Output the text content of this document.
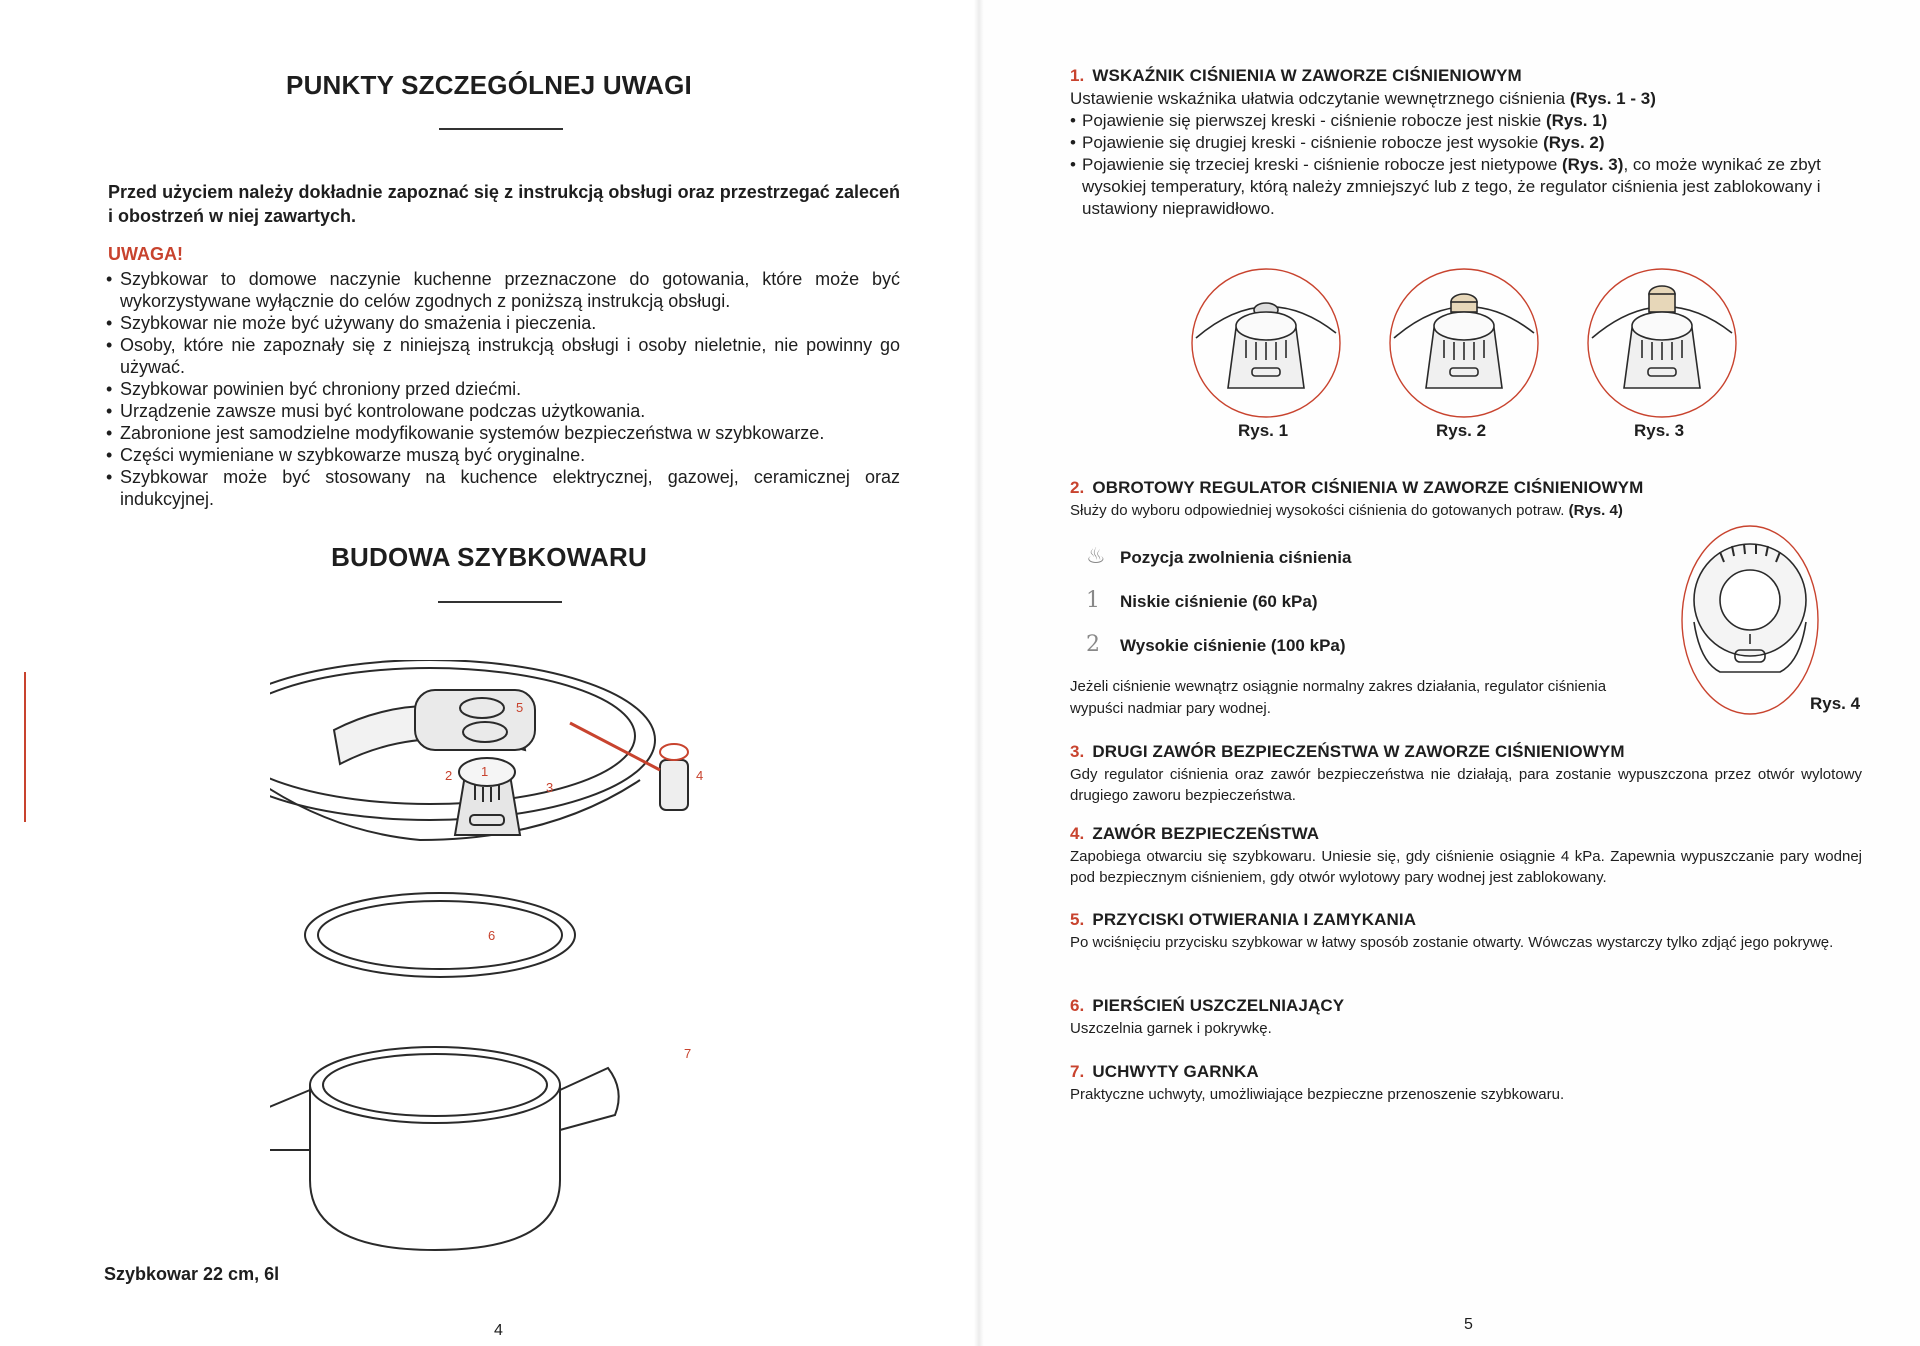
PUNKTY SZCZEGÓLNEJ UWAGI
Przed użyciem należy dokładnie zapoznać się z instrukcją obsługi oraz przestrzegać zaleceń i obostrzeń w niej zawartych.
UWAGA!
• Szybkowar to domowe naczynie kuchenne przeznaczone do gotowania, które może być wykorzystywane wyłącznie do celów zgodnych z poniższą instrukcją obsługi.
• Szybkowar nie może być używany do smażenia i pieczenia.
• Osoby, które nie zapoznały się z niniejszą instrukcją obsługi i osoby nieletnie, nie powinny go używać.
• Szybkowar powinien być chroniony przed dziećmi.
• Urządzenie zawsze musi być kontrolowane podczas użytkowania.
• Zabronione jest samodzielne modyfikowanie systemów bezpieczeństwa w szybkowarze.
• Części wymieniane w szybkowarze muszą być oryginalne.
• Szybkowar może być stosowany na kuchence elektrycznej, gazowej, ceramicznej oraz indukcyjnej.
BUDOWA SZYBKOWARU
5
1
2
3
4
6
7
Szybkowar 22 cm, 6l
4
1. WSKAŹNIK CIŚNIENIA W ZAWORZE CIŚNIENIOWYM

Ustawienie wskaźnika ułatwia odczytanie wewnętrznego ciśnienia (Rys. 1 - 3)

• Pojawienie się pierwszej kreski - ciśnienie robocze jest niskie (Rys. 1)
• Pojawienie się drugiej kreski - ciśnienie robocze jest wysokie (Rys. 2)
• Pojawienie się trzeciej kreski - ciśnienie robocze jest nietypowe (Rys. 3), co może wynikać ze zbyt wysokiej temperatury, którą należy zmniejszyć lub z tego, że regulator ciśnienia jest zablokowany i ustawiony nieprawidłowo.
Rys. 1	Rys. 2	Rys. 3
2. OBROTOWY REGULATOR CIŚNIENIA W ZAWORZE CIŚNIENIOWYM

Służy do wyboru odpowiedniej wysokości ciśnienia do gotowanych potraw. (Rys. 4)

♨ Pozycja zwolnienia ciśnienia
1 Niskie ciśnienie (60 kPa)
2 Wysokie ciśnienie (100 kPa)
Jeżeli ciśnienie wewnątrz osiągnie normalny zakres działania, regulator ciśnienia wypuści nadmiar pary wodnej.	Rys. 4
3. DRUGI ZAWÓR BEZPIECZEŃSTWA W ZAWORZE CIŚNIENIOWYM

Gdy regulator ciśnienia oraz zawór bezpieczeństwa nie działają, para zostanie wypuszczona przez otwór wylotowy drugiego zaworu bezpieczeństwa.

4. ZAWÓR BEZPIECZEŃSTWA

Zapobiega otwarciu się szybkowaru. Uniesie się, gdy ciśnienie osiągnie 4 kPa. Zapewnia wypuszczanie pary wodnej pod bezpiecznym ciśnieniem, gdy otwór wylotowy pary wodnej jest zablokowany.

5. PRZYCISKI OTWIERANIA I ZAMYKANIA

Po wciśnięciu przycisku szybkowar w łatwy sposób zostanie otwarty. Wówczas wystarczy tylko zdjąć jego pokrywę.

6. PIERŚCIEŃ USZCZELNIAJĄCY

Uszczelnia garnek i pokrywkę.

7. UCHWYTY GARNKA

Praktyczne uchwyty, umożliwiające bezpieczne przenoszenie szybkowaru.

5
